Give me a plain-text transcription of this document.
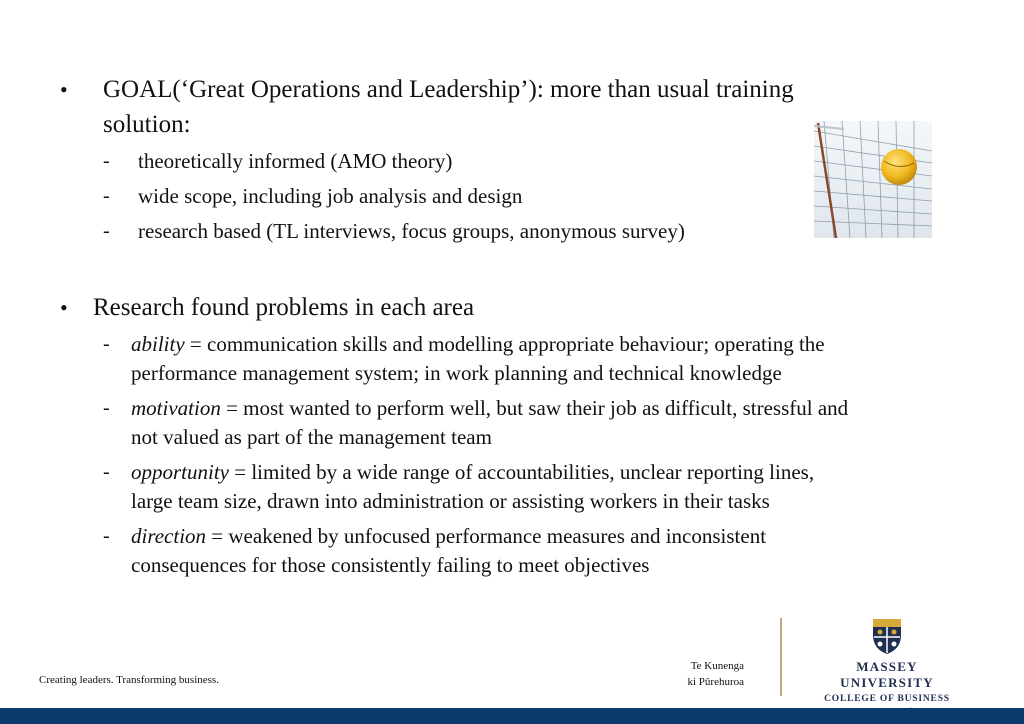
• GOAL(‘Great Operations and Leadership’): more than usual training
solution:
- theoretically informed (AMO theory)
- wide scope, including job analysis and design
- research based (TL interviews, focus groups, anonymous survey)
• Research found problems in each area
- ability = communication skills and modelling appropriate behaviour; operating the
performance management system; in work planning and technical knowledge
- motivation = most wanted to perform well, but saw their job as difficult, stressful and
not valued as part of the management team
- opportunity = limited by a wide range of accountabilities, unclear reporting lines,
large team size, drawn into administration or assisting workers in their tasks
- direction = weakened by unfocused performance measures and inconsistent
consequences for those consistently failing to meet objectives
Creating leaders. Transforming business.
Te Kunenga
ki Pūrehuroa
MASSEY UNIVERSITY
COLLEGE OF BUSINESS
